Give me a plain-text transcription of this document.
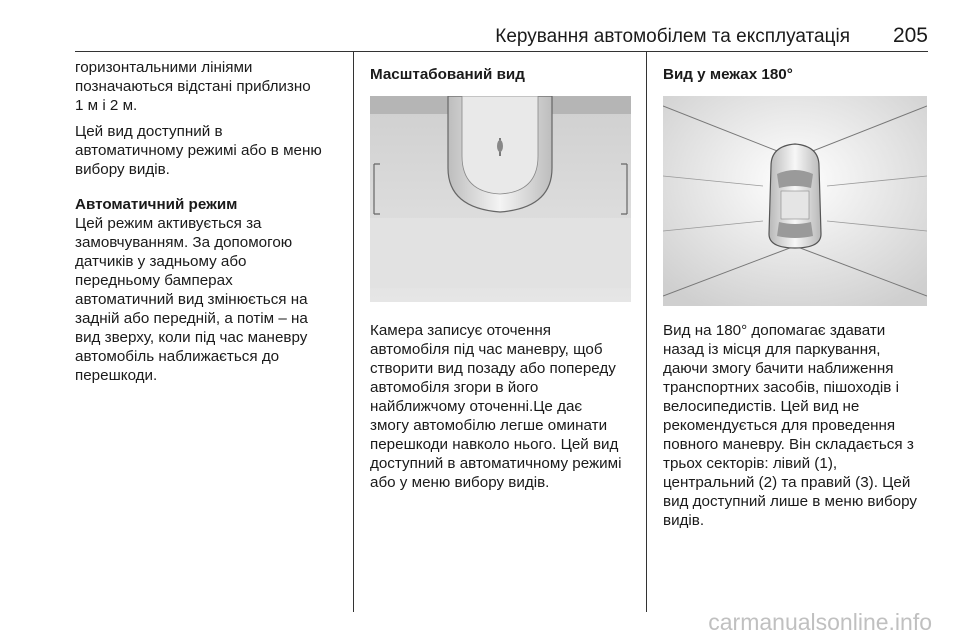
Керування автомобілем та експлуатація 205

горизонтальними лініями
позначаються відстані приблизно
1 м і 2 м.

Цей вид доступний в
автоматичному режимі або в меню
вибору видів.

Автоматичний режим

Цей режим активується за
замовчуванням. За допомогою
датчиків у задньому або
передньому бамперах
автоматичний вид змінюється на
задній або передній, а потім – на
вид зверху, коли під час маневру
автомобіль наближається до
перешкоди.

Масштабований вид

Камера записує оточення
автомобіля під час маневру, щоб
створити вид позаду або попереду
автомобіля згори в його
найближчому оточенні.Це дає
змогу автомобілю легше оминати
перешкоди навколо нього. Цей вид
доступний в автоматичному режимі
або у меню вибору видів.

Вид у межах 180°

Вид на 180° допомагає здавати
назад із місця для паркування,
даючи змогу бачити наближення
транспортних засобів, пішоходів і
велосипедистів. Цей вид не
рекомендується для проведення
повного маневру. Він складається з
трьох секторів: лівий (1),
центральний (2) та правий (3). Цей
вид доступний лише в меню вибору
видів.

carmanualsonline.info
